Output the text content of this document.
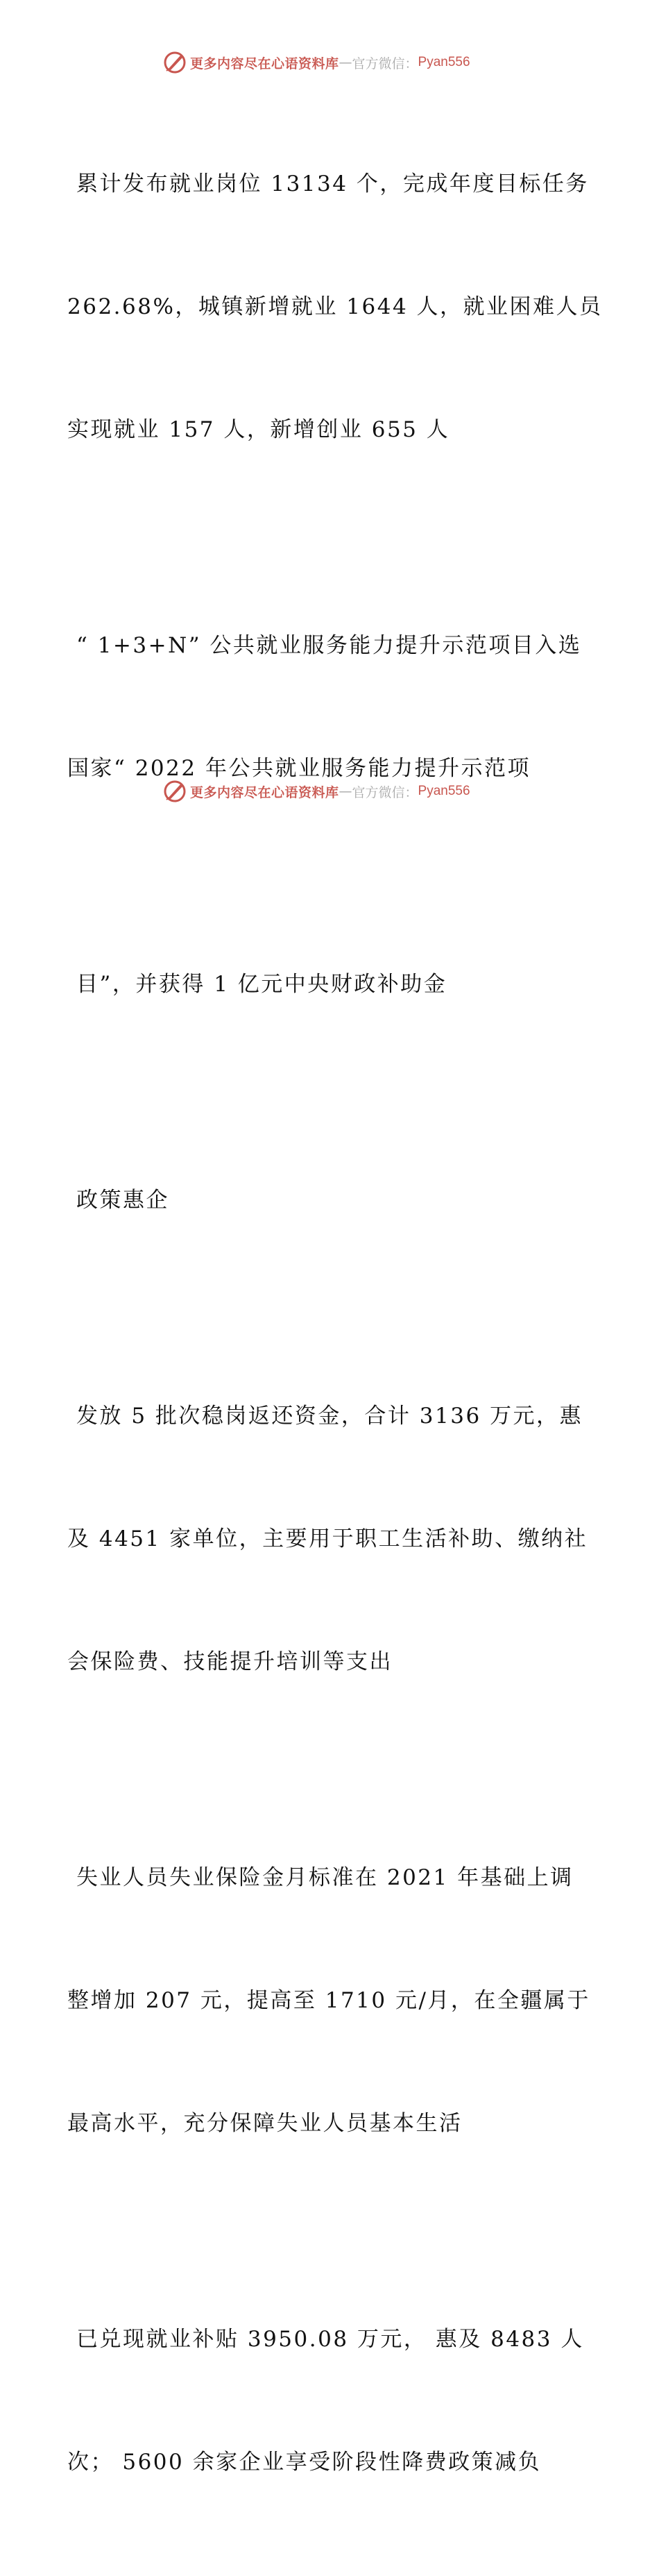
更多内容尽在心语资料库 — 官方微信： Pyan556

累计发布就业岗位 13134 个，完成年度目标任务

262.68%，城镇新增就业 1644 人，就业困难人员

实现就业 157 人，新增创业 655 人

“ 1+3+N” 公共就业服务能力提升示范项目入选

国家“ 2022 年公共就业服务能力提升示范项

目”，并获得 1 亿元中央财政补助金

政策惠企

发放 5 批次稳岗返还资金，合计 3136 万元，惠

及 4451 家单位，主要用于职工生活补助、缴纳社

会保险费、技能提升培训等支出

失业人员失业保险金月标准在 2021 年基础上调

整增加 207 元，提高至 1710 元/月，在全疆属于

最高水平，充分保障失业人员基本生活

已兑现就业补贴 3950.08 万元， 惠及 8483 人

次； 5600 余家企业享受阶段性降费政策减负

更多内容尽在心语资料库 — 官方微信： Pyan556
